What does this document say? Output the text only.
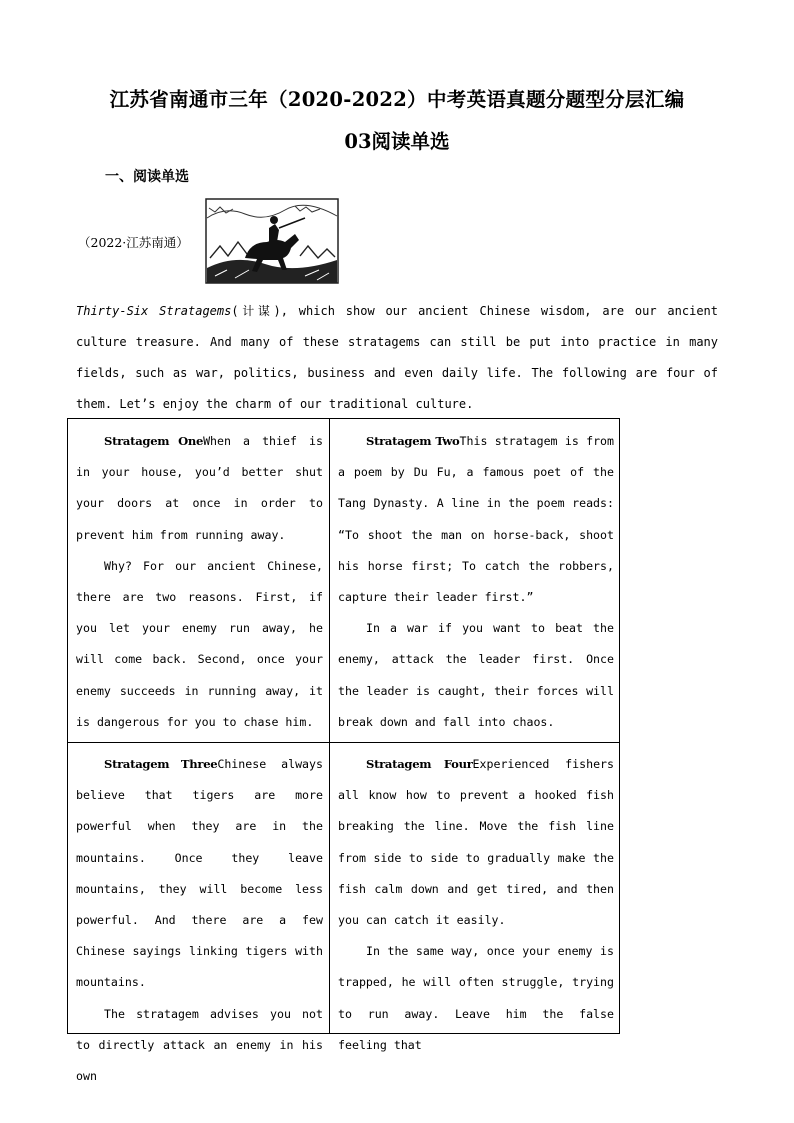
江苏省南通市三年（2020-2022）中考英语真题分题型分层汇编
03阅读单选
一、阅读单选
（2022·江苏南通）
Thirty-Six Stratagems(计谋), which show our ancient Chinese wisdom, are our ancient culture treasure. And many of these stratagems can still be put into practice in many fields, such as war, politics, business and even daily life. The following are four of them. Let’s enjoy the charm of our traditional culture.

Stratagem OneWhen a thief is in your house, you’d better shut your doors at once in order to prevent him from running away.

Why? For our ancient Chinese, there are two reasons. First, if you let your enemy run away, he will come back. Second, once your enemy succeeds in running away, it is dangerous for you to chase him.

Stratagem TwoThis stratagem is from a poem by Du Fu, a famous poet of the Tang Dynasty. A line in the poem reads: “To shoot the man on horse-back, shoot his horse first; To catch the robbers, capture their leader first.”

In a war if you want to beat the enemy, attack the leader first. Once the leader is caught, their forces will break down and fall into chaos.

Stratagem ThreeChinese always believe that tigers are more powerful when they are in the mountains. Once they leave mountains, they will become less powerful. And there are a few Chinese sayings linking tigers with mountains.

The stratagem advises you not to directly attack an enemy in his own

Stratagem FourExperienced fishers all know how to prevent a hooked fish breaking the line. Move the fish line from side to side to gradually make the fish calm down and get tired, and then you can catch it easily.

In the same way, once your enemy is trapped, he will often struggle, trying to run away. Leave him the false feeling that
